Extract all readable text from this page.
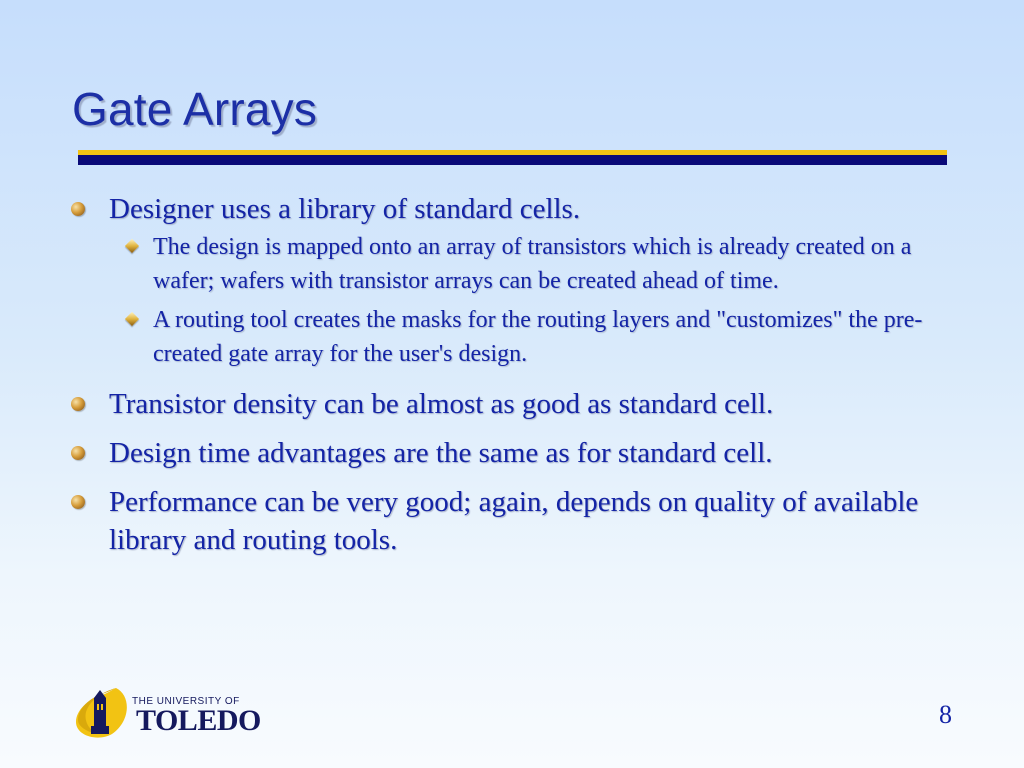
Gate Arrays
Designer uses a library of standard cells.
The design is mapped onto an array of transistors which is already created on a wafer; wafers with transistor arrays can be created ahead of time.
A routing tool creates the masks for the routing layers and "customizes" the pre-created gate array for the user's design.
Transistor density can be almost as good as standard cell.
Design time advantages are the same as for standard cell.
Performance can be very good; again, depends on quality of available library and routing tools.
THE UNIVERSITY OF
TOLEDO	8
